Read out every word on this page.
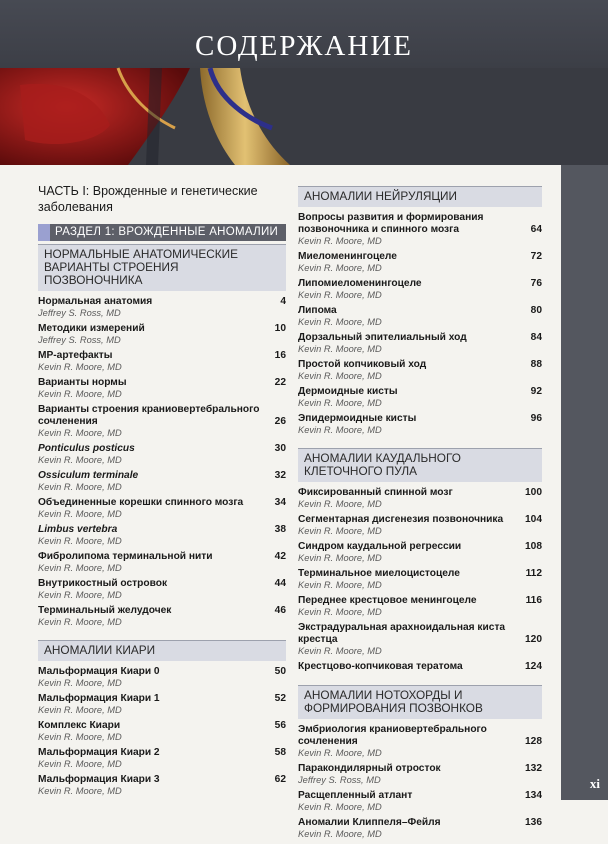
СОДЕРЖАНИЕ
xi
ЧАСТЬ I: Врожденные и генетические заболевания
РАЗДЕЛ 1: ВРОЖДЕННЫЕ АНОМАЛИИ
НОРМАЛЬНЫЕ АНАТОМИЧЕСКИЕ ВАРИАНТЫ СТРОЕНИЯ ПОЗВОНОЧНИКА
Нормальная анатомия	4
Jeffrey S. Ross, MD
Методики измерений	10
Jeffrey S. Ross, MD
МР-артефакты	16
Kevin R. Moore, MD
Варианты нормы	22
Kevin R. Moore, MD
Варианты строения краниовертебрального сочленения	26
Kevin R. Moore, MD
Ponticulus posticus	30
Kevin R. Moore, MD
Ossiculum terminale	32
Kevin R. Moore, MD
Объединенные корешки спинного мозга	34
Kevin R. Moore, MD
Limbus vertebra	38
Kevin R. Moore, MD
Фибролипома терминальной нити	42
Kevin R. Moore, MD
Внутрикостный островок	44
Kevin R. Moore, MD
Терминальный желудочек	46
Kevin R. Moore, MD
АНОМАЛИИ КИАРИ
Мальформация Киари 0	50
Kevin R. Moore, MD
Мальформация Киари 1	52
Kevin R. Moore, MD
Комплекс Киари	56
Kevin R. Moore, MD
Мальформация Киари 2	58
Kevin R. Moore, MD
Мальформация Киари 3	62
Kevin R. Moore, MD
АНОМАЛИИ НЕЙРУЛЯЦИИ
Вопросы развития и формирования позвоночника и спинного мозга	64
Kevin R. Moore, MD
Миеломенингоцеле	72
Kevin R. Moore, MD
Липомиеломенингоцеле	76
Kevin R. Moore, MD
Липома	80
Kevin R. Moore, MD
Дорзальный эпителиальный ход	84
Kevin R. Moore, MD
Простой копчиковый ход	88
Kevin R. Moore, MD
Дермоидные кисты	92
Kevin R. Moore, MD
Эпидермоидные кисты	96
Kevin R. Moore, MD
АНОМАЛИИ КАУДАЛЬНОГО КЛЕТОЧНОГО ПУЛА
Фиксированный спинной мозг	100
Kevin R. Moore, MD
Сегментарная дисгенезия позвоночника	104
Kevin R. Moore, MD
Синдром каудальной регрессии	108
Kevin R. Moore, MD
Терминальное миелоцистоцеле	112
Kevin R. Moore, MD
Переднее крестцовое менингоцеле	116
Kevin R. Moore, MD
Экстрадуральная арахноидальная киста крестца	120
Kevin R. Moore, MD
Крестцово-копчиковая тератома	124
АНОМАЛИИ НОТОХОРДЫ И ФОРМИРОВАНИЯ ПОЗВОНКОВ
Эмбриология краниовертебрального сочленения	128
Kevin R. Moore, MD
Паракондилярный отросток	132
Jeffrey S. Ross, MD
Расщепленный атлант	134
Kevin R. Moore, MD
Аномалии Клиппеля–Фейля	136
Kevin R. Moore, MD
